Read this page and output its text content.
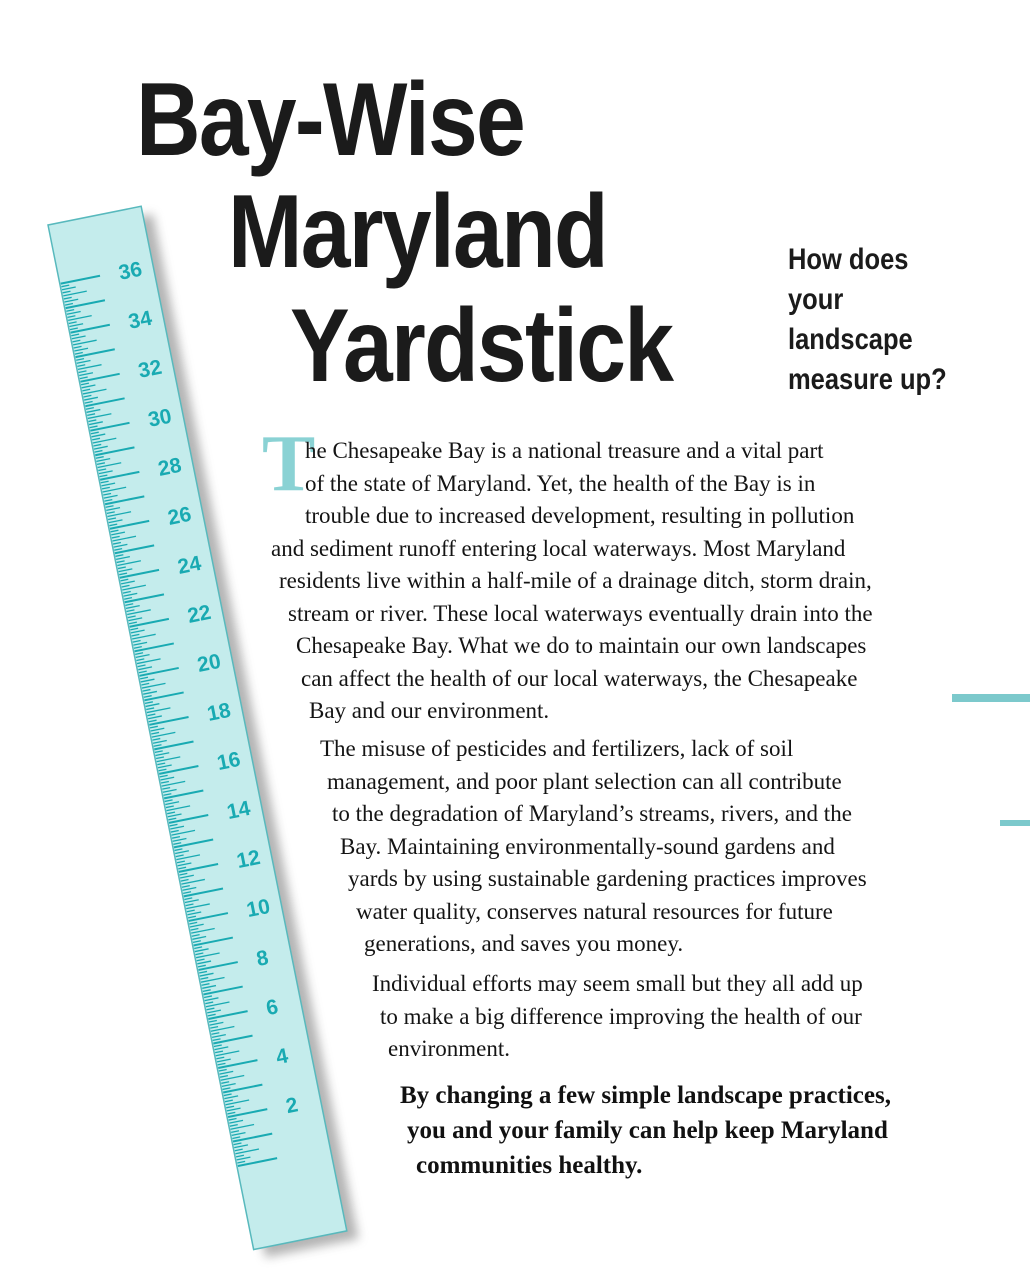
36
34
32
30
28
26
24
22
20
18
16
14
12
10
8
6
4
2
Bay-Wise
Maryland
Yardstick
How does
your
landscape
measure up?
T
he Chesapeake Bay is a national treasure and a vital part
of the state of Maryland. Yet, the health of the Bay is in
trouble due to increased development, resulting in pollution
and sediment runoff entering local waterways. Most Maryland
residents live within a half-mile of a drainage ditch, storm drain,
stream or river. These local waterways eventually drain into the
Chesapeake Bay. What we do to maintain our own landscapes
can affect the health of our local waterways, the Chesapeake
Bay and our environment.
The misuse of pesticides and fertilizers, lack of soil
management, and poor plant selection can all contribute
to the degradation of Maryland’s streams, rivers, and the
Bay. Maintaining environmentally-sound gardens and
yards by using sustainable gardening practices improves
water quality, conserves natural resources for future
generations, and saves you money.
Individual efforts may seem small but they all add up
to make a big difference improving the health of our
environment.
By changing a few simple landscape practices,
you and your family can help keep Maryland
communities healthy.
